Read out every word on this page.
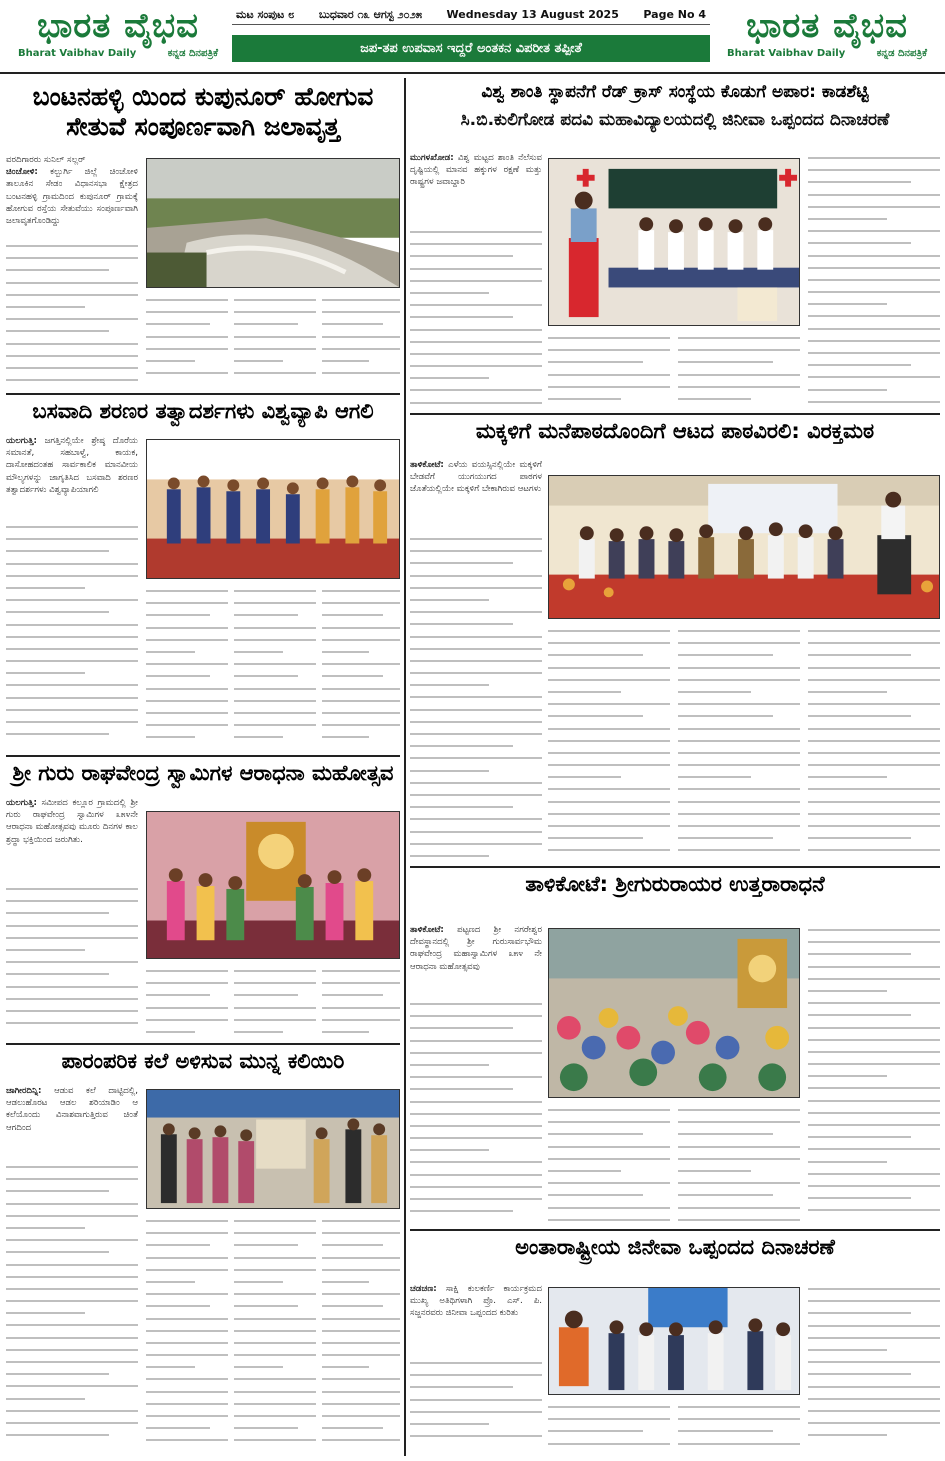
ಭಾರತ ವೈಭವ
Bharat Vaibhav Daily	ಕನ್ನಡ ದಿನಪತ್ರಿಕೆ
ಮಟ ಸಂಪುಟ ೮ ಬುಧವಾರ ೧೩ ಆಗಸ್ಟ ೨೦೨೫ Wednesday 13 August 2025 Page No 4
ಜಪ-ತಪ ಉಪವಾಸ ಇದ್ದರೆ ಅಂತಕನ ವಿಪರೀತ ತಪ್ಪೀತೆ
ಭಾರತ ವೈಭವ
Bharat Vaibhav Daily	ಕನ್ನಡ ದಿನಪತ್ರಿಕೆ
ಬಂಟನಹಳ್ಳಿ ಯಿಂದ ಕುಪುನೂರ್ ಹೋಗುವ ಸೇತುವೆ ಸಂಪೂರ್ಣವಾಗಿ ಜಲಾವೃತ್ತ
ವರದಿಗಾರರು ಸುನಿಲ್ ಸಲ್ಲರ್
ಚಿಂಚೋಳಿ: ಕಲ್ಬುರ್ಗಿ ಜಿಲ್ಲೆ ಚಿಂಚೋಳಿ ತಾಲೂಕಿನ ಸೇಡಂ ವಿಧಾನಸಭಾ ಕ್ಷೇತ್ರದ ಬಂಟನಹಳ್ಳಿ ಗ್ರಾಮದಿಂದ ಕುಪುನೂರ್ ಗ್ರಾಮಕ್ಕೆ ಹೋಗುವ ರಸ್ತೆಯ ಸೇತುವೆಯು ಸಂಪೂರ್ಣವಾಗಿ ಜಲಾವೃತಗೊಂಡಿದ್ದು
ಬಸವಾದಿ ಶರಣರ ತತ್ವಾದರ್ಶಗಳು ವಿಶ್ವವ್ಯಾಪಿ ಆಗಲಿ
ಯಲಗುತ್ತಿ: ಜಗತ್ತಿನಲ್ಲಿಯೇ ಶ್ರೇಷ್ಠ ದೊರೆಯ ಸಮಾನತೆ, ಸಹಬಾಳ್ವೆ, ಕಾಯಕ, ದಾಸೋಹದಂತಹ ಸಾರ್ವಕಾಲಿಕ ಮಾನವೀಯ ಮೌಲ್ಯಗಳನ್ನು ಜಾಗೃತಿಸಿದ ಬಸವಾದಿ ಶರಣರ ತತ್ವಾದರ್ಶಗಳು ವಿಶ್ವವ್ಯಾಪಿಯಾಗಲಿ
ಶ್ರೀ ಗುರು ರಾಘವೇಂದ್ರ ಸ್ವಾಮಿಗಳ ಆರಾಧನಾ ಮಹೋತ್ಸವ
ಯಲಗುತ್ತಿ: ಸಮೀಪದ ಕಲ್ಲೂರ ಗ್ರಾಮದಲ್ಲಿ ಶ್ರೀ ಗುರು ರಾಘವೇಂದ್ರ ಸ್ವಾಮಿಗಳ ೩೫೪ನೇ ಆರಾಧನಾ ಮಹೋತ್ಸವವು ಮೂರು ದಿನಗಳ ಕಾಲ ಶ್ರದ್ಧಾ ಭಕ್ತಿಯಿಂದ ಜರುಗಿತು.
ಪಾರಂಪರಿಕ ಕಲೆ ಅಳಿಸುವ ಮುನ್ನ ಕಲಿಯಿರಿ
ಜಾಗೀರದಿನ್ನಿ: ಆಡುವ ಕಲೆ ದಾಟ್ಟಿದಲ್ಲಿ, ಆಡಲುಹೊರಟ ಆಡಲ ಶರಿಯಾಡಿಂ ಆ ಕಲೆಯೊಂದು ವಿನಾಶವಾಗುತ್ತಿರುವ ಚಿಂತೆ ಆಗದಿಂದ
ವಿಶ್ವ ಶಾಂತಿ ಸ್ಥಾಪನೆಗೆ ರೆಡ್ ಕ್ರಾಸ್ ಸಂಸ್ಥೆಯ ಕೊಡುಗೆ ಅಪಾರ: ಕಾಡಶೆಟ್ಟಿ
ಸಿ.ಬಿ.ಕುಲಿಗೋಡ ಪದವಿ ಮಹಾವಿದ್ಯಾಲಯದಲ್ಲಿ ಜಿನೀವಾ ಒಪ್ಪಂದದ ದಿನಾಚರಣೆ
ಮುಗಳಖೋಡ: ವಿಶ್ವ ಮಟ್ಟದ ಶಾಂತಿ ನೆಲೆಸುವ ದೃಷ್ಟಿಯಲ್ಲಿ ಮಾನವ ಹಕ್ಕುಗಳ ರಕ್ಷಣೆ ಮತ್ತು ರಾಷ್ಟ್ರಗಳ ಜವಾಬ್ದಾರಿ
ಮಕ್ಕಳಿಗೆ ಮನೆಪಾಠದೊಂದಿಗೆ ಆಟದ ಪಾಠವಿರಲಿ: ವಿರಕ್ತಮಠ
ತಾಳಿಕೋಟೆ: ಎಳೆಯ ವಯಸ್ಸಿನಲ್ಲಿಯೇ ಮಕ್ಕಳಿಗೆ ಬೇಡವೆಗೆ ಯುಗಯುಗದ ಪಾಠಗಳ ಜೊತೆಯಲ್ಲಿಯೇ ಮಕ್ಕಳಿಗೆ ಬೇಕಾಗಿರುವ ಆಟಗಳು
ತಾಳಿಕೋಟೆ: ಶ್ರೀಗುರುರಾಯರ ಉತ್ತರಾರಾಧನೆ
ತಾಳಿಕೋಟೆ: ಪಟ್ಟಣದ ಶ್ರೀ ನಗರೇಶ್ವರ ದೇವಸ್ಥಾನದಲ್ಲಿ ಶ್ರೀ ಗುರುಸಾರ್ವಭೌಮ ರಾಘವೇಂದ್ರ ಮಹಾಸ್ವಾಮಿಗಳ ೩೫೪ ನೇ ಆರಾಧನಾ ಮಹೋತ್ಸವವು
ಅಂತಾರಾಷ್ಟ್ರೀಯ ಜಿನೇವಾ ಒಪ್ಪಂದದ ದಿನಾಚರಣೆ
ಚಡಚಣ: ಸಾಕ್ಷಿ ಕುಲಕರ್ಣಿ ಕಾರ್ಯಕ್ರಮದ ಮುಖ್ಯ ಅತಿಥಿಗಳಾಗಿ ಪ್ರೊ. ಎಸ್. ಪಿ. ಸಜ್ಜನರವರು ಜಿನೀವಾ ಒಪ್ಪಂದದ ಕುರಿತು
